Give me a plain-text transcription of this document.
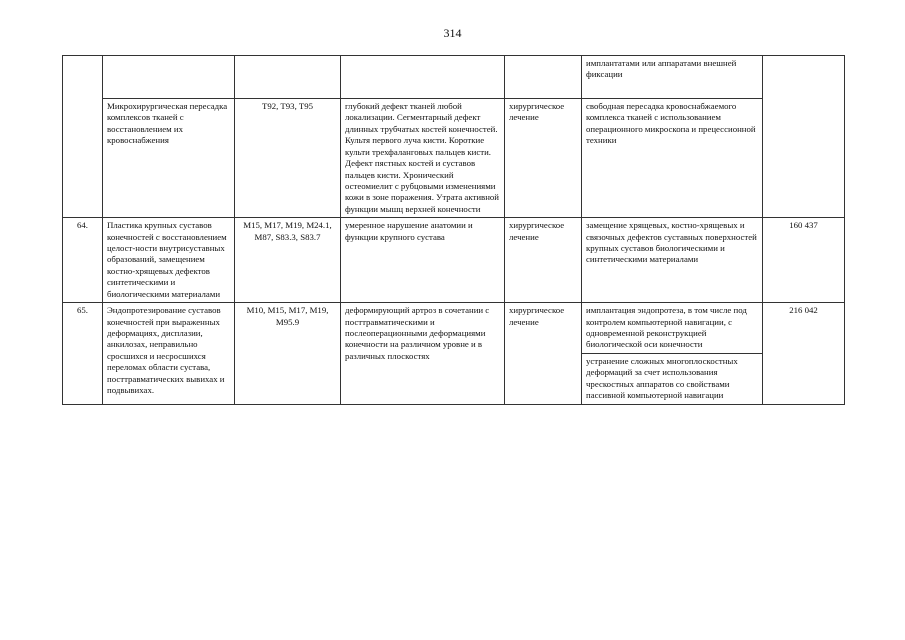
314
					имплантатами или аппаратами внешней фиксации	
	Микрохирургическая пересадка комплексов тканей с восстановлением их кровоснабжения	T92, T93, T95	глубокий дефект тканей любой локализации. Сегментарный дефект длинных трубчатых костей конечностей. Культя первого луча кисти. Короткие культи трехфаланговых пальцев кисти. Дефект пястных костей и суставов пальцев кисти. Хронический остеомиелит с рубцовыми изменениями кожи в зоне поражения. Утрата активной функции мышц верхней конечности	хирургическое лечение	свободная пересадка кровоснабжаемого комплекса тканей с использованием операционного микроскопа и прецессионной техники	
64.	Пластика крупных суставов конечностей с восстановлением целост-ности внутрисуставных образований, замещением костно-хрящевых дефектов синтетическими и биологическими материалами	M15, M17, M19, M24.1, M87, S83.3, S83.7	умеренное нарушение анатомии и функции крупного сустава	хирургическое лечение	замещение хрящевых, костно-хрящевых и связочных дефектов суставных поверхностей крупных суставов биологическими и синтетическими материалами	160 437
65.	Эндопротезирование суставов конечностей при выраженных деформациях, дисплазии, анкилозах, неправильно сросшихся и несросшихся переломах области сустава, посттравматических вывихах и подвывихах.	M10, M15, M17, M19, M95.9	деформирующий артроз в сочетании с посттравматическими и послеоперационными деформациями конечности на различном уровне и в различных плоскостях	хирургическое лечение	имплантация эндопротеза, в том числе под контролем компьютерной навигации, с одновременной реконструкцией биологической оси конечности	216 042
					устранение сложных многоплоскостных деформаций за счет использования чрескостных аппаратов со свойствами пассивной компьютерной навигации	
